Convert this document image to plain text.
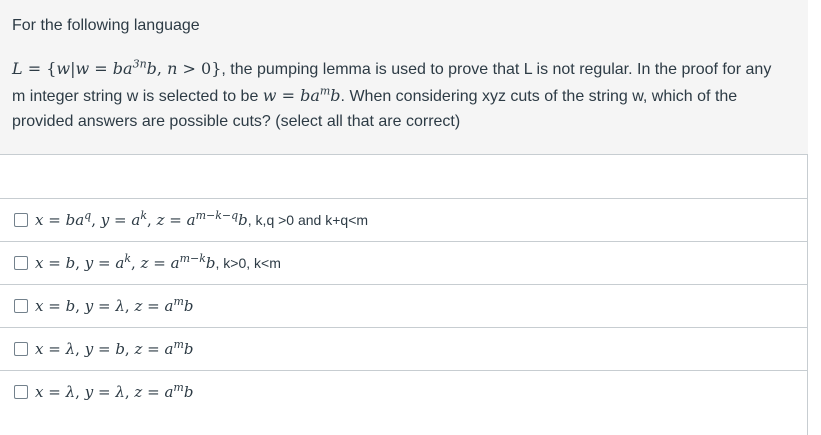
For the following language
$L = \{w|w = ba^{3n}b$, n > 0}, the pumping lemma is used to prove that L is not regular. In the proof for any m integer string w is selected to be $w = ba^mb$. When considering xyz cuts of the string w, which of the provided answers are possible cuts? (select all that are correct)
$x = ba^q$, $y = a^k$, $z = a^{m-k-q}b$, k,q >0 and k+q<m
x = b, $y = a^k$, $z = a^{m-k}b$, k>0, k<m
x = b, y = λ, $z = a^mb$
x = λ, y = b, $z = a^mb$
x = λ, y = λ, $z = a^mb$
